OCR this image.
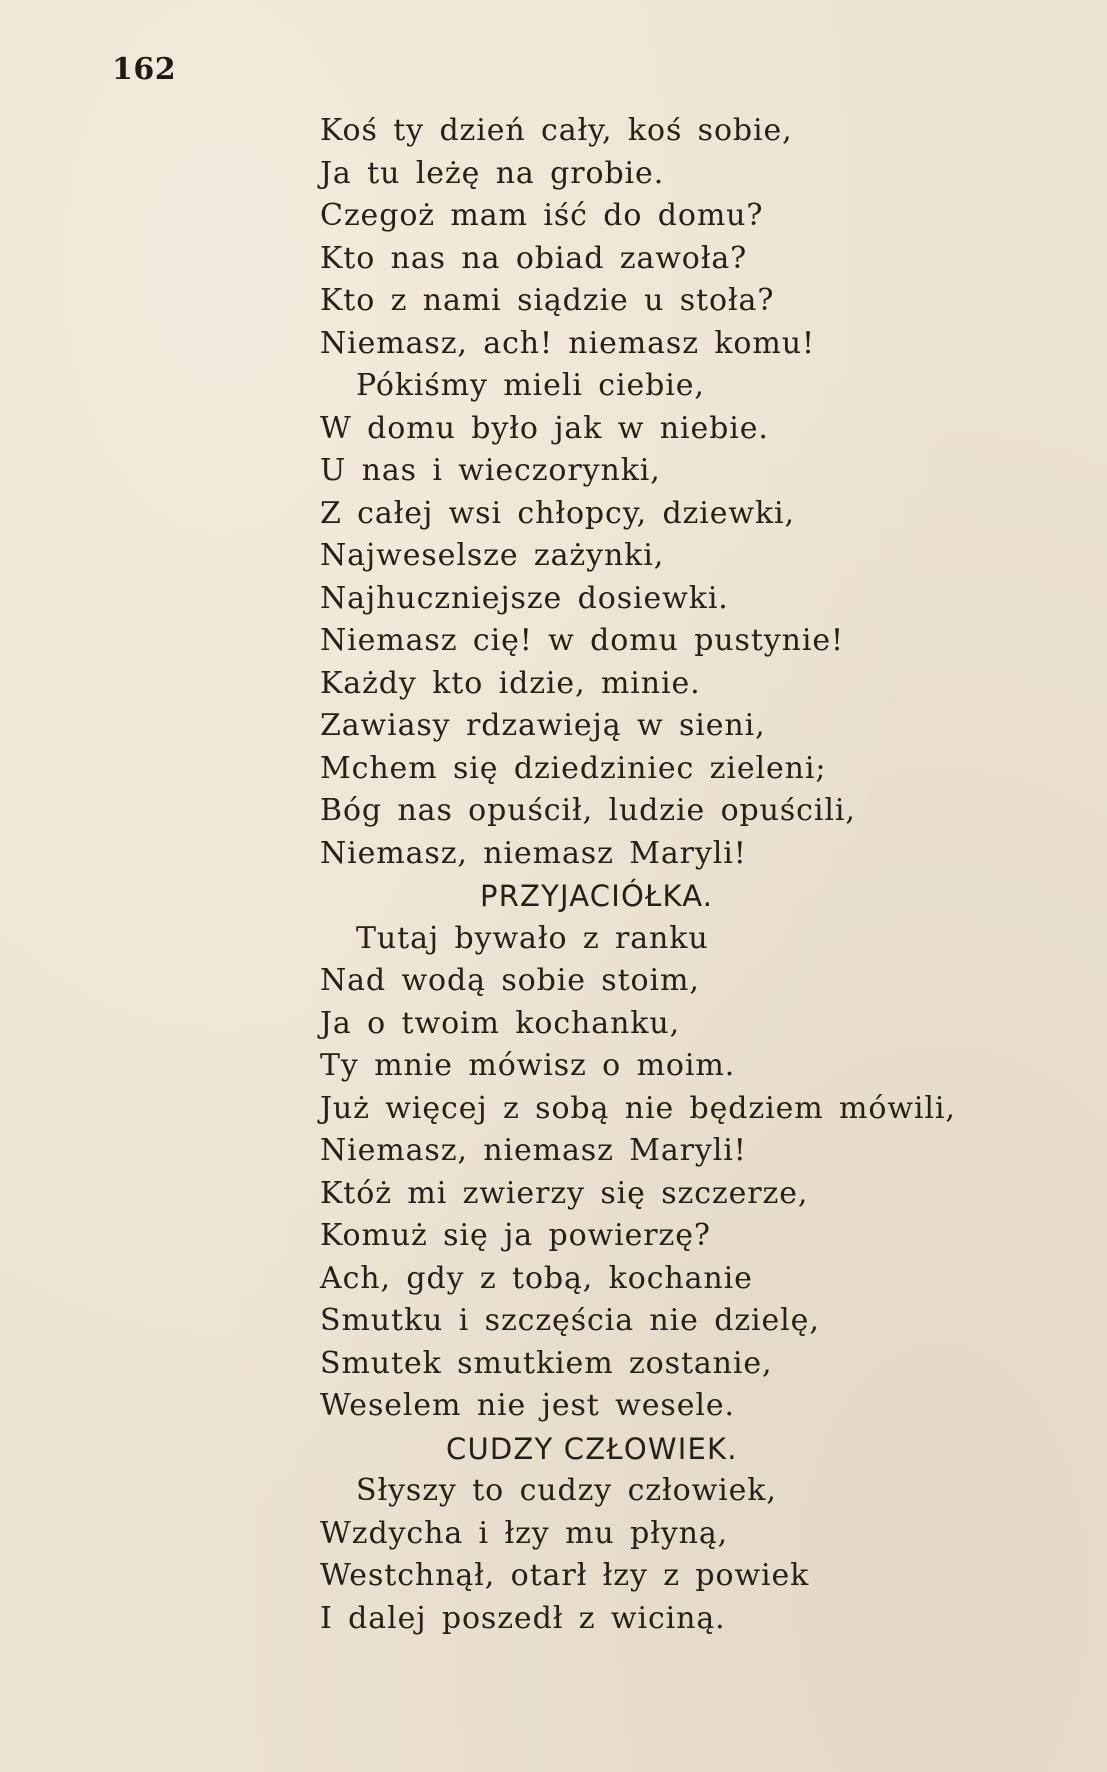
162
Koś ty dzień cały, koś sobie,
Ja tu leżę na grobie.
Czegoż mam iść do domu?
Kto nas na obiad zawoła?
Kto z nami siądzie u stoła?
Niemasz, ach! niemasz komu!
Pókiśmy mieli ciebie,
W domu było jak w niebie.
U nas i wieczorynki,
Z całej wsi chłopcy, dziewki,
Najweselsze zażynki,
Najhuczniejsze dosiewki.
Niemasz cię! w domu pustynie!
Każdy kto idzie, minie.
Zawiasy rdzawieją w sieni,
Mchem się dziedziniec zieleni;
Bóg nas opuścił, ludzie opuścili,
Niemasz, niemasz Maryli!
PRZYJACIÓŁKA.
Tutaj bywało z ranku
Nad wodą sobie stoim,
Ja o twoim kochanku,
Ty mnie mówisz o moim.
Już więcej z sobą nie będziem mówili,
Niemasz, niemasz Maryli!
Któż mi zwierzy się szczerze,
Komuż się ja powierzę?
Ach, gdy z tobą, kochanie
Smutku i szczęścia nie dzielę,
Smutek smutkiem zostanie,
Weselem nie jest wesele.
CUDZY CZŁOWIEK.
Słyszy to cudzy człowiek,
Wzdycha i łzy mu płyną,
Westchnął, otarł łzy z powiek
I dalej poszedł z wiciną.
